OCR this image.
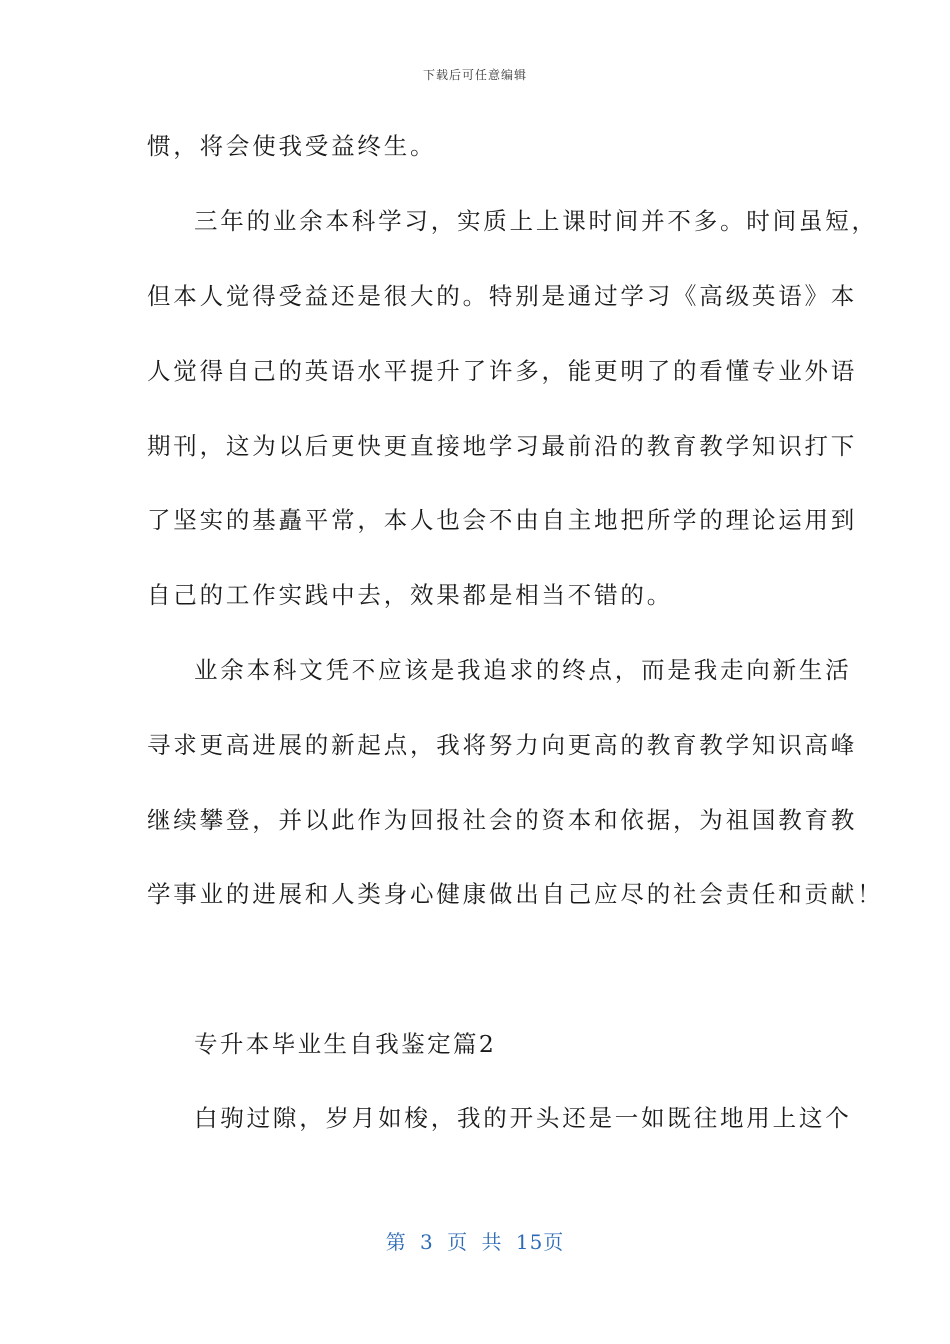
下载后可任意编辑
惯，将会使我受益终生。
三年的业余本科学习，实质上上课时间并不多。时间虽短，
但本人觉得受益还是很大的。特别是通过学习《高级英语》本
人觉得自己的英语水平提升了许多，能更明了的看懂专业外语
期刊，这为以后更快更直接地学习最前沿的教育教学知识打下
了坚实的基矗平常，本人也会不由自主地把所学的理论运用到
自己的工作实践中去，效果都是相当不错的。
业余本科文凭不应该是我追求的终点，而是我走向新生活
寻求更高进展的新起点，我将努力向更高的教育教学知识高峰
继续攀登，并以此作为回报社会的资本和依据，为祖国教育教
学事业的进展和人类身心健康做出自己应尽的社会责任和贡献！
专升本毕业生自我鉴定篇2
白驹过隙，岁月如梭，我的开头还是一如既往地用上这个
第 3 页 共 15页
